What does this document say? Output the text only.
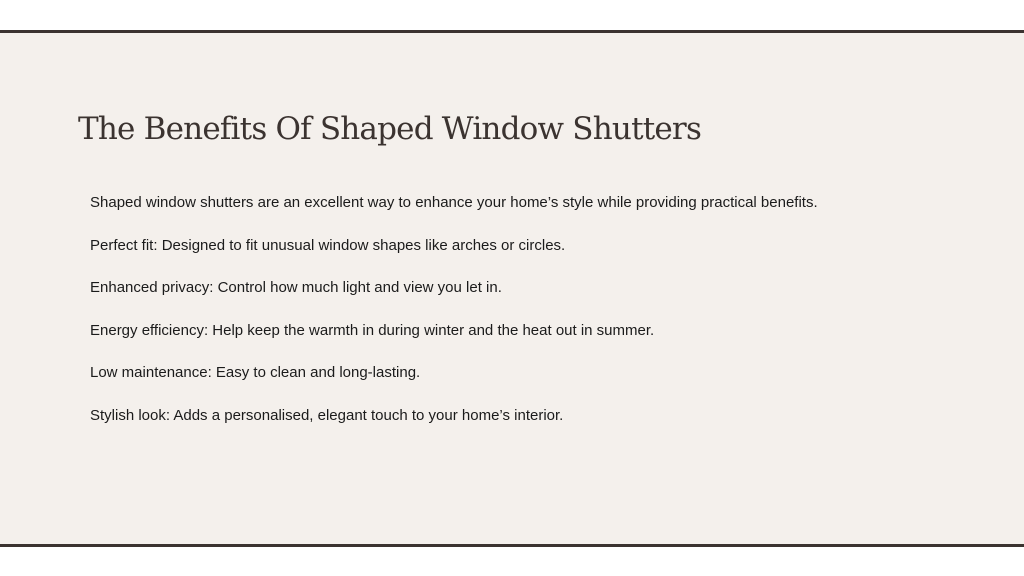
The Benefits Of Shaped Window Shutters

Shaped window shutters are an excellent way to enhance your home’s style while providing practical benefits.

Perfect fit: Designed to fit unusual window shapes like arches or circles.

Enhanced privacy: Control how much light and view you let in.

Energy efficiency: Help keep the warmth in during winter and the heat out in summer.

Low maintenance: Easy to clean and long-lasting.

Stylish look: Adds a personalised, elegant touch to your home’s interior.
